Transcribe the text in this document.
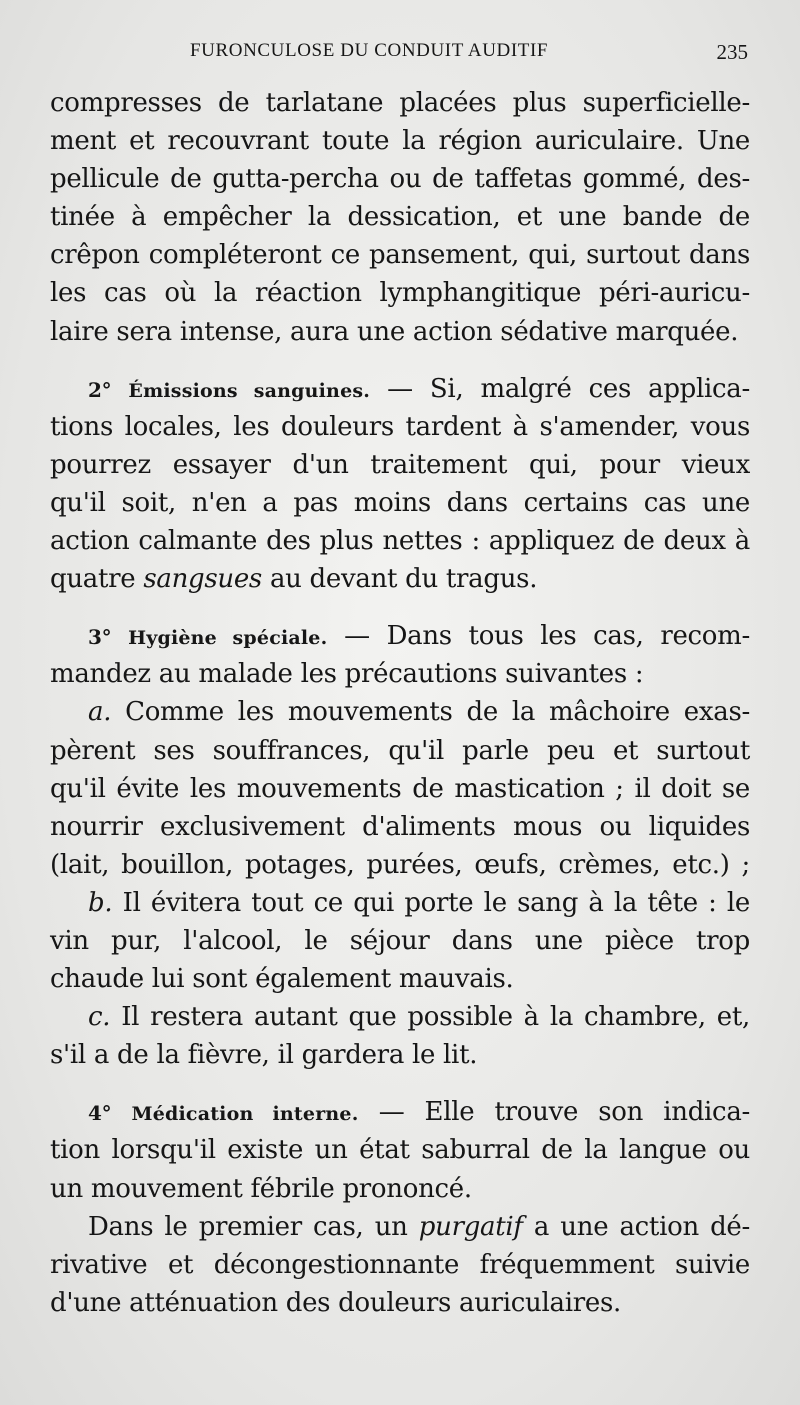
FURONCULOSE DU CONDUIT AUDITIF	235
compresses de tarlatane placées plus superficielle-
ment et recouvrant toute la région auriculaire. Une
pellicule de gutta-percha ou de taffetas gommé, des-
tinée à empêcher la dessication, et une bande de
crêpon compléteront ce pansement, qui, surtout dans
les cas où la réaction lymphangitique péri-auricu-
laire sera intense, aura une action sédative marquée.
2° Émissions sanguines. — Si, malgré ces applica-
tions locales, les douleurs tardent à s'amender, vous
pourrez essayer d'un traitement qui, pour vieux
qu'il soit, n'en a pas moins dans certains cas une
action calmante des plus nettes : appliquez de deux à
quatre sangsues au devant du tragus.
3° Hygiène spéciale. — Dans tous les cas, recom-
mandez au malade les précautions suivantes :
a. Comme les mouvements de la mâchoire exas-
pèrent ses souffrances, qu'il parle peu et surtout
qu'il évite les mouvements de mastication ; il doit se
nourrir exclusivement d'aliments mous ou liquides
(lait, bouillon, potages, purées, œufs, crèmes, etc.) ;
b. Il évitera tout ce qui porte le sang à la tête : le
vin pur, l'alcool, le séjour dans une pièce trop
chaude lui sont également mauvais.
c. Il restera autant que possible à la chambre, et,
s'il a de la fièvre, il gardera le lit.
4° Médication interne. — Elle trouve son indica-
tion lorsqu'il existe un état saburral de la langue ou
un mouvement fébrile prononcé.
Dans le premier cas, un purgatif a une action dé-
rivative et décongestionnante fréquemment suivie
d'une atténuation des douleurs auriculaires.
